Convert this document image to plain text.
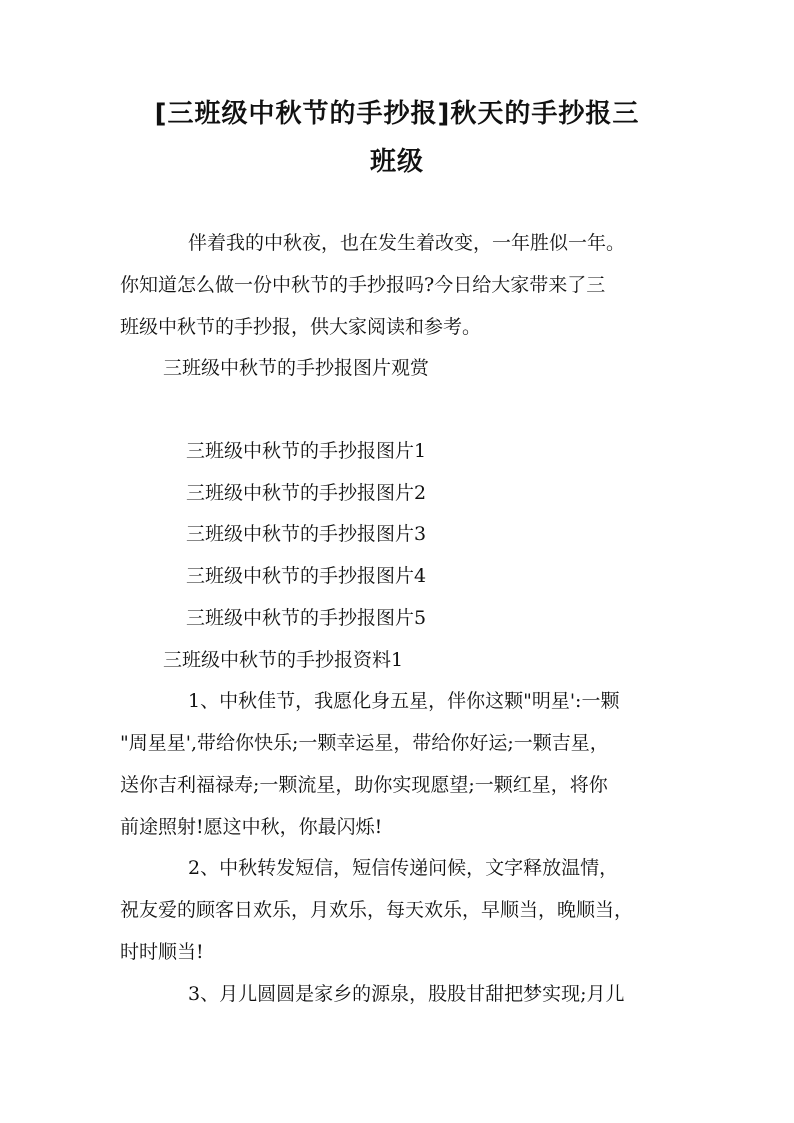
[三班级中秋节的手抄报]秋天的手抄报三
班级

伴着我的中秋夜，也在发生着改变，一年胜似一年。

你知道怎么做一份中秋节的手抄报吗?今日给大家带来了三

班级中秋节的手抄报，供大家阅读和参考。

三班级中秋节的手抄报图片观赏

三班级中秋节的手抄报图片1

三班级中秋节的手抄报图片2

三班级中秋节的手抄报图片3

三班级中秋节的手抄报图片4

三班级中秋节的手抄报图片5

三班级中秋节的手抄报资料1

1、中秋佳节，我愿化身五星，伴你这颗"明星':一颗

"周星星',带给你快乐;一颗幸运星，带给你好运;一颗吉星，

送你吉利福禄寿;一颗流星，助你实现愿望;一颗红星，将你

前途照射!愿这中秋，你最闪烁!

2、中秋转发短信，短信传递问候，文字释放温情，

祝友爱的顾客日欢乐，月欢乐，每天欢乐，早顺当，晚顺当，

时时顺当!

3、月儿圆圆是家乡的源泉，股股甘甜把梦实现;月儿
